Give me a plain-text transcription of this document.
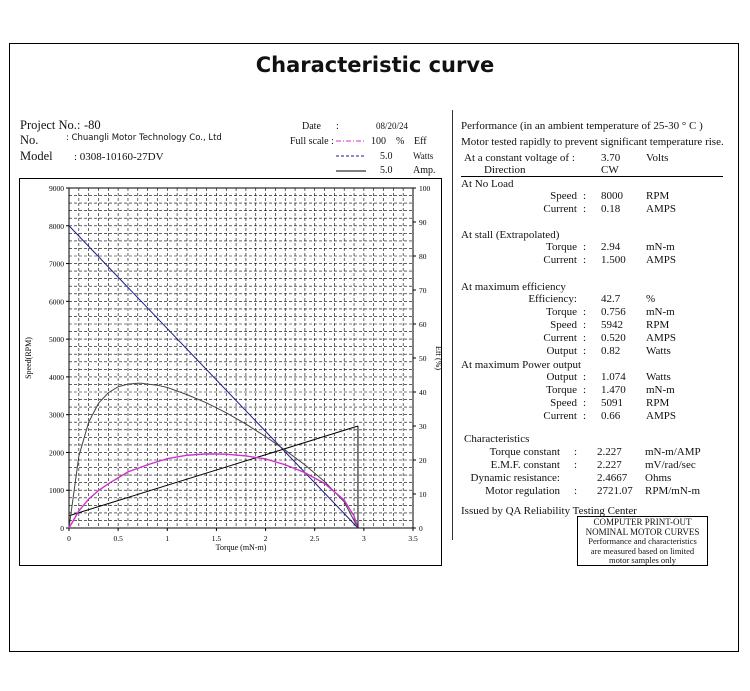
Characteristic curve
Project No.: -80
No.	: Chuangli Motor Technology Co., Ltd
Model : 0308-10160-27DV
Date :	08/20/24
Full scale :	100 % Eff
5.0 Watts
5.0 Amp.
0
1000
2000
3000
4000
5000
6000
7000
8000
9000
0
10
20
30
40
50
60
70
80
90
100
0	0.5	1	1.5	2	2.5	3	3.5
Torque (mN-m)
Speed(RPM)	Eff (%)
Performance (in an ambient temperature of 25-30 ° C )
Motor tested rapidly to prevent significant temperature rise.
At a constant voltage of : 3.70 Volts
Direction	CW
At No Load
Speed : 8000 RPM
Current : 0.18 AMPS
At stall (Extrapolated)
Torque : 2.94 mN-m
Current : 1.500 AMPS
At maximum efficiency
Efficiency: 42.7 %
Torque : 0.756 mN-m
Speed : 5942 RPM
Current : 0.520 AMPS
Output : 0.82 Watts
At maximum Power output
Output : 1.074 Watts
Torque : 1.470 mN-m
Speed : 5091 RPM
Current : 0.66 AMPS
Characteristics
Torque constant : 2.227 mN-m/AMP
E.M.F. constant : 2.227 mV/rad/sec
Dynamic resistance:	2.4667 Ohms
Motor regulation : 2721.07 RPM/mN-m
Issued by QA Reliability Testing Center
COMPUTER PRINT-OUT
NOMINAL MOTOR CURVES
Performance and characteristics
are measured based on limited
motor samples only
